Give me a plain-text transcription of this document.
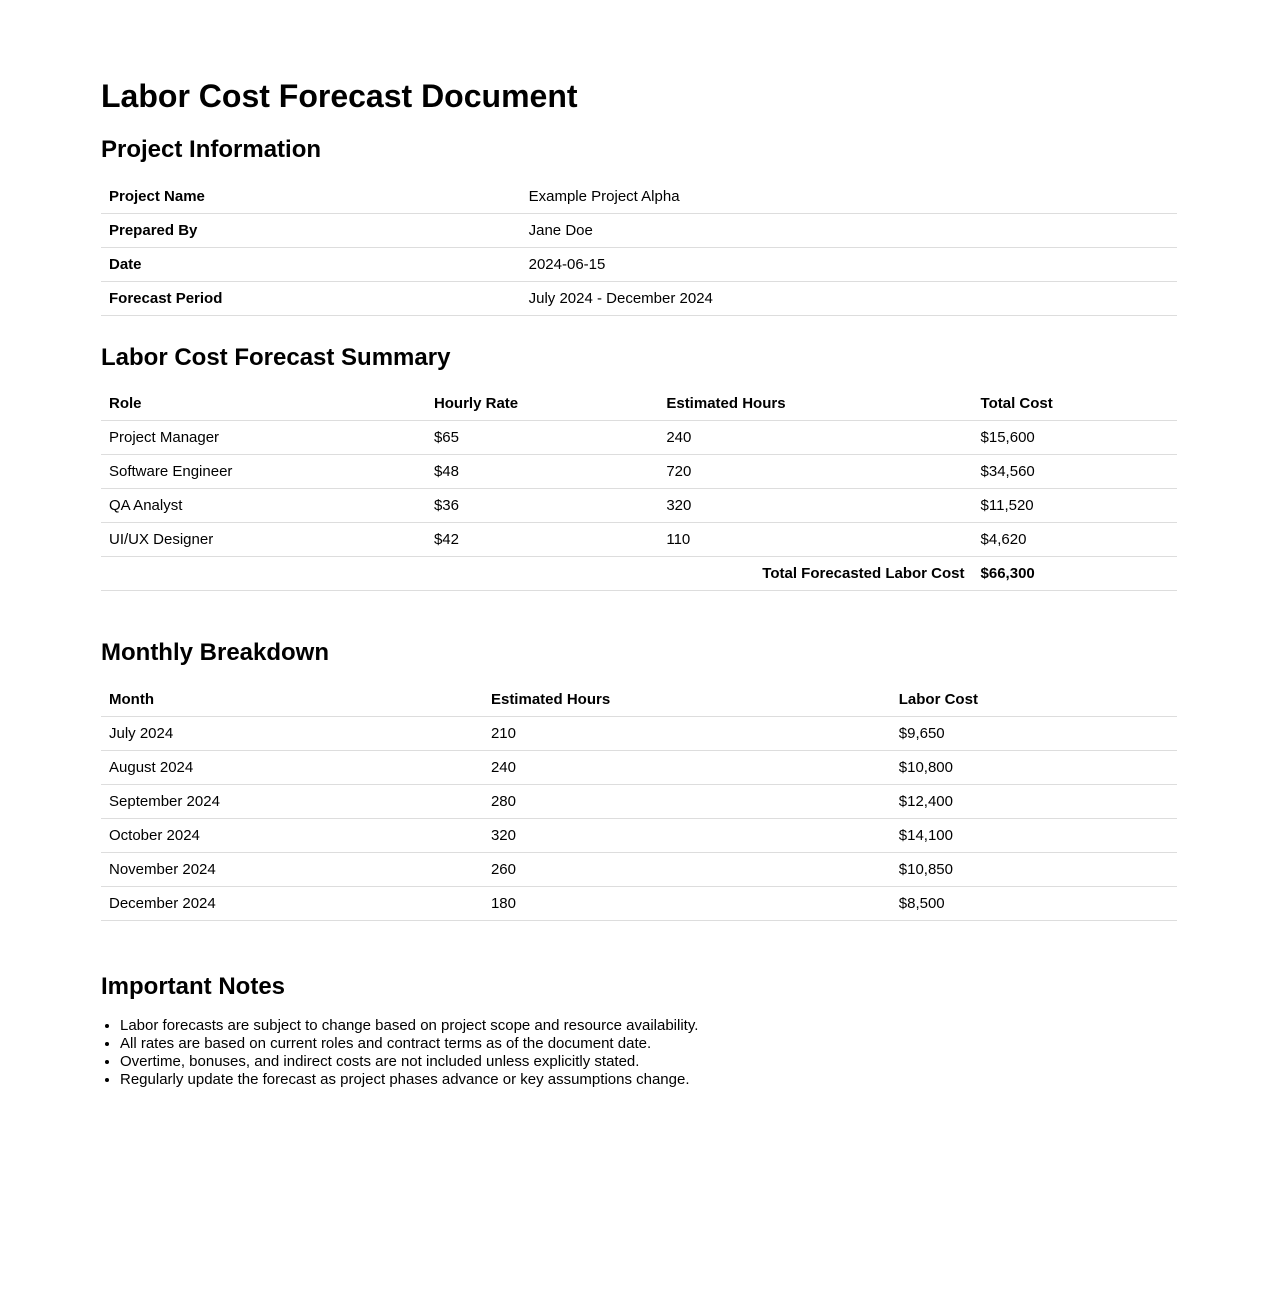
Labor Cost Forecast Document
Project Information
Project Name	Example Project Alpha
Prepared By	Jane Doe
Date	2024-06-15
Forecast Period	July 2024 - December 2024
Labor Cost Forecast Summary
Role	Hourly Rate	Estimated Hours	Total Cost
Project Manager	$65	240	$15,600
Software Engineer	$48	720	$34,560
QA Analyst	$36	320	$11,520
UI/UX Designer	$42	110	$4,620
Total Forecasted Labor Cost			$66,300
Monthly Breakdown
Month	Estimated Hours	Labor Cost
July 2024	210	$9,650
August 2024	240	$10,800
September 2024	280	$12,400
October 2024	320	$14,100
November 2024	260	$10,850
December 2024	180	$8,500
Important Notes
• Labor forecasts are subject to change based on project scope and resource availability.
• All rates are based on current roles and contract terms as of the document date.
• Overtime, bonuses, and indirect costs are not included unless explicitly stated.
• Regularly update the forecast as project phases advance or key assumptions change.
